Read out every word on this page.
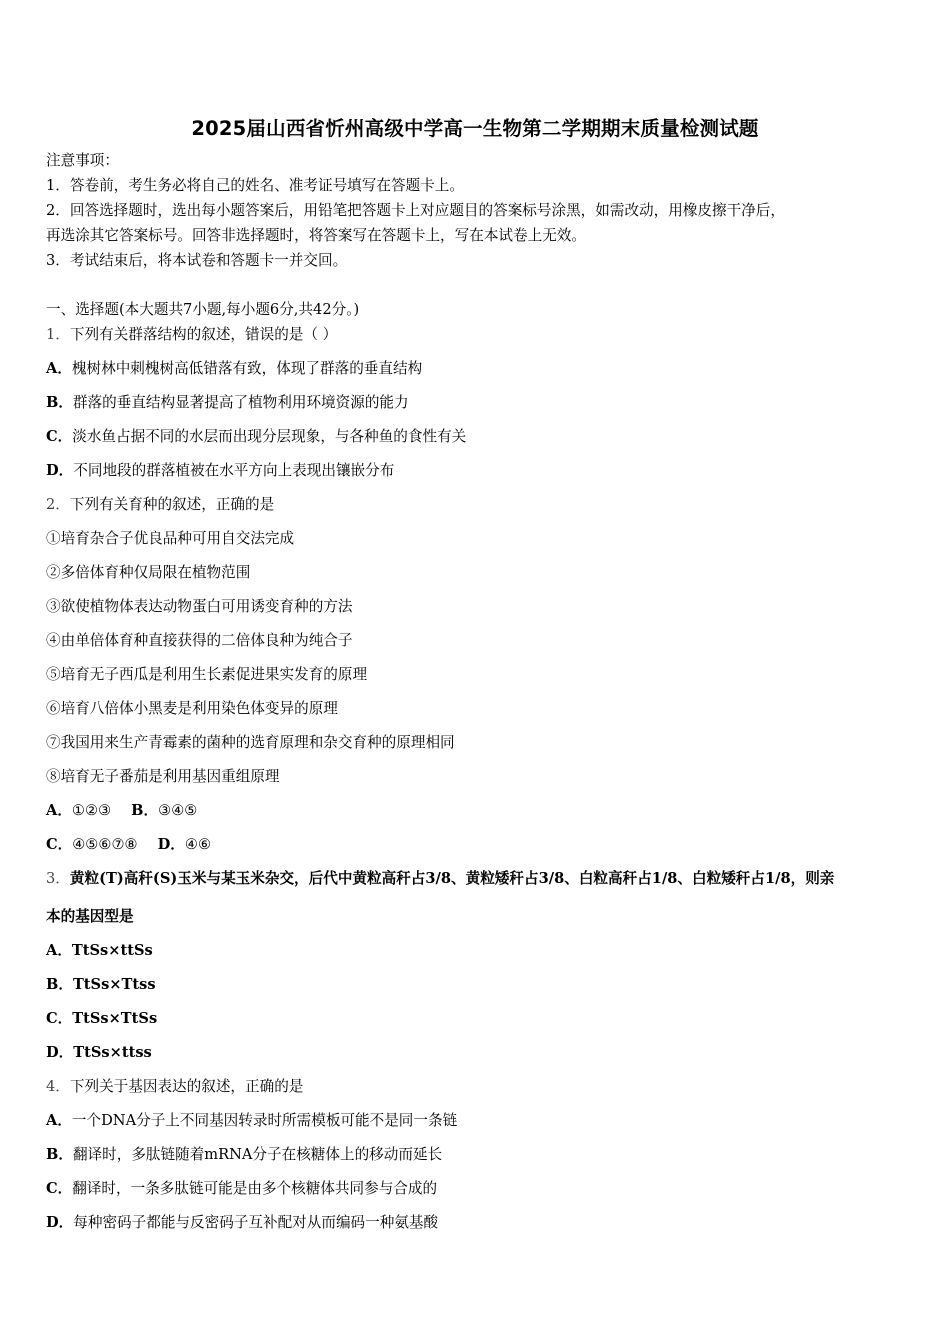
2025届山西省忻州高级中学高一生物第二学期期末质量检测试题
注意事项：
1．答卷前，考生务必将自己的姓名、准考证号填写在答题卡上。
2．回答选择题时，选出每小题答案后，用铅笔把答题卡上对应题目的答案标号涂黑，如需改动，用橡皮擦干净后，
再选涂其它答案标号。回答非选择题时，将答案写在答题卡上，写在本试卷上无效。
3．考试结束后，将本试卷和答题卡一并交回。
一、选择题(本大题共7小题,每小题6分,共42分。)
1．下列有关群落结构的叙述，错误的是（ ）
A．槐树林中刺槐树高低错落有致，体现了群落的垂直结构
B．群落的垂直结构显著提高了植物利用环境资源的能力
C．淡水鱼占据不同的水层而出现分层现象，与各种鱼的食性有关
D．不同地段的群落植被在水平方向上表现出镶嵌分布
2．下列有关育种的叙述，正确的是
①培育杂合子优良品种可用自交法完成
②多倍体育种仅局限在植物范围
③欲使植物体表达动物蛋白可用诱变育种的方法
④由单倍体育种直接获得的二倍体良种为纯合子
⑤培育无子西瓜是利用生长素促进果实发育的原理
⑥培育八倍体小黑麦是利用染色体变异的原理
⑦我国用来生产青霉素的菌种的选育原理和杂交育种的原理相同
⑧培育无子番茄是利用基因重组原理
A．①②③ B．③④⑤
C．④⑤⑥⑦⑧ D．④⑥
3．黄粒(T)高秆(S)玉米与某玉米杂交，后代中黄粒高秆占3/8、黄粒矮秆占3/8、白粒高秆占1/8、白粒矮秆占1/8，则亲
本的基因型是
A．TtSs×ttSs
B．TtSs×Ttss
C．TtSs×TtSs
D．TtSs×ttss
4．下列关于基因表达的叙述，正确的是
A．一个DNA分子上不同基因转录时所需模板可能不是同一条链
B．翻译时，多肽链随着mRNA分子在核糖体上的移动而延长
C．翻译时，一条多肽链可能是由多个核糖体共同参与合成的
D．每种密码子都能与反密码子互补配对从而编码一种氨基酸
